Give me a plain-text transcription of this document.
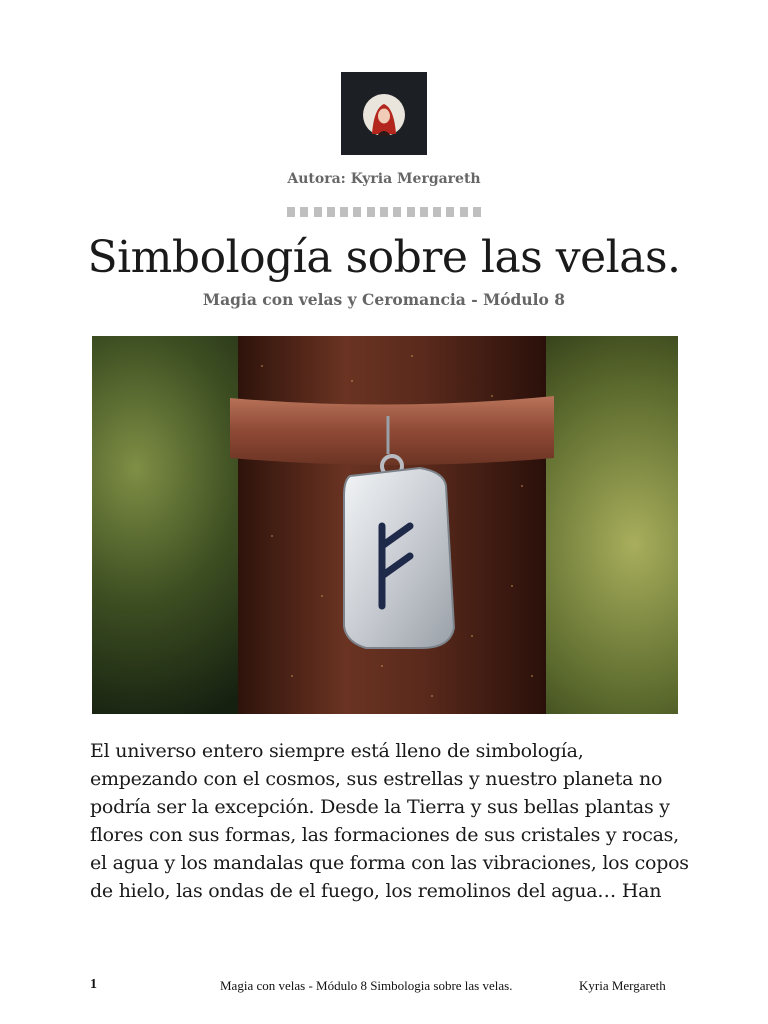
Autora: Kyria Mergareth
Simbología sobre las velas.
Magia con velas y Ceromancia - Módulo 8
El universo entero siempre está lleno de simbología, empezando con el cosmos, sus estrellas y nuestro planeta no podría ser la excepción. Desde la Tierra y sus bellas plantas y flores con sus formas, las formaciones de sus cristales y rocas, el agua y los mandalas que forma con las vibraciones, los copos de hielo, las ondas de el fuego, los remolinos del agua… Han
1	Magia con velas - Módulo 8 Simbologia sobre las velas.	Kyria Mergareth
